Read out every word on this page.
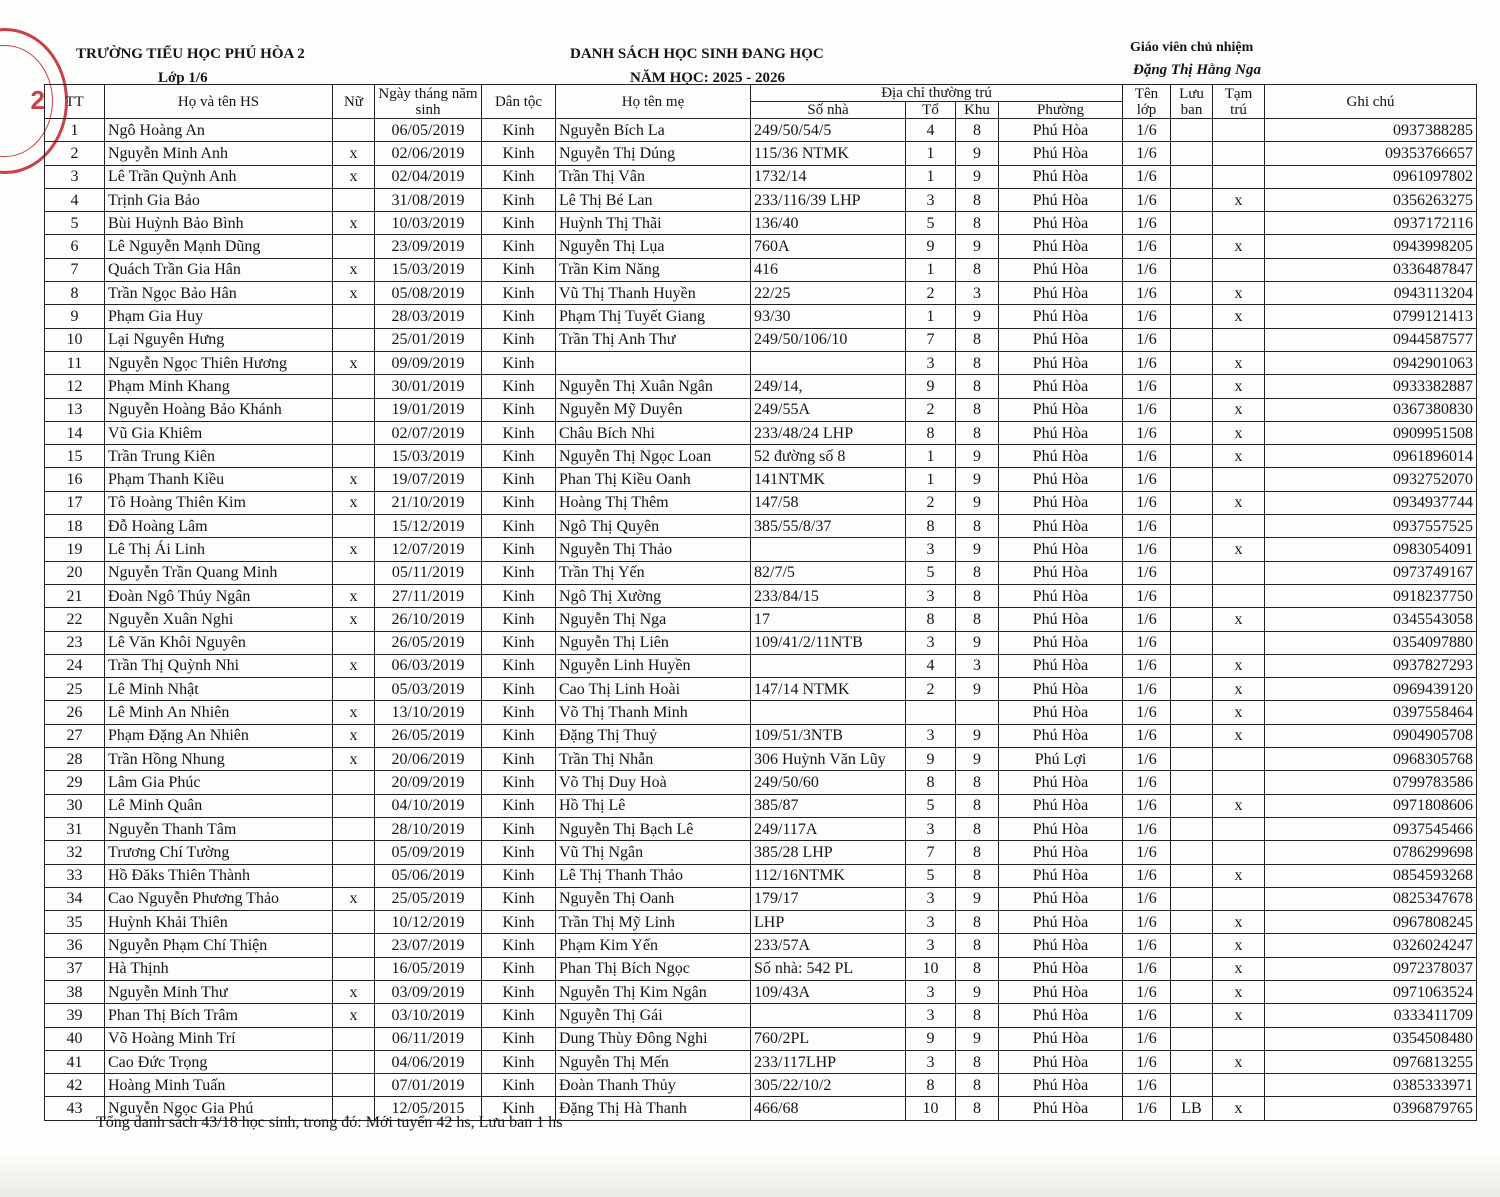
2
TRƯỜNG TIỂU HỌC PHÚ HÒA 2
Lớp 1/6
DANH SÁCH HỌC SINH ĐANG HỌC
NĂM HỌC: 2025 - 2026
Giáo viên chủ nhiệm
Đặng Thị Hằng Nga
TT	Họ và tên HS	Nữ	Ngày tháng năm sinh	Dân tộc	Họ tên mẹ	Địa chỉ thường trú				Tên lớp	Lưu ban	Tạm trú	Ghi chú
						Số nhà	Tổ	Khu	Phường				
1	Ngô Hoàng An		06/05/2019	Kinh	Nguyễn Bích La	249/50/54/5	4	8	Phú Hòa	1/6			0937388285
2	Nguyễn Minh Anh	x	02/06/2019	Kinh	Nguyễn Thị Dúng	115/36 NTMK	1	9	Phú Hòa	1/6			09353766657
3	Lê Trần Quỳnh Anh	x	02/04/2019	Kinh	Trần Thị Vân	1732/14	1	9	Phú Hòa	1/6			0961097802
4	Trịnh Gia Bảo		31/08/2019	Kinh	Lê Thị Bé Lan	233/116/39 LHP	3	8	Phú Hòa	1/6		x	0356263275
5	Bùi Huỳnh Bảo Bình	x	10/03/2019	Kinh	Huỳnh Thị Thãi	136/40	5	8	Phú Hòa	1/6			0937172116
6	Lê Nguyễn Mạnh Dũng		23/09/2019	Kinh	Nguyễn Thị Lụa	760A	9	9	Phú Hòa	1/6		x	0943998205
7	Quách Trần Gia Hân	x	15/03/2019	Kinh	Trần Kim Năng	416	1	8	Phú Hòa	1/6			0336487847
8	Trần Ngọc Bảo Hân	x	05/08/2019	Kinh	Vũ Thị Thanh Huyền	22/25	2	3	Phú Hòa	1/6		x	0943113204
9	Phạm Gia Huy		28/03/2019	Kinh	Phạm Thị Tuyết Giang	93/30	1	9	Phú Hòa	1/6		x	0799121413
10	Lại Nguyên Hưng		25/01/2019	Kinh	Trần Thị Anh Thư	249/50/106/10	7	8	Phú Hòa	1/6			0944587577
11	Nguyễn Ngọc Thiên Hương	x	09/09/2019	Kinh			3	8	Phú Hòa	1/6		x	0942901063
12	Phạm Minh Khang		30/01/2019	Kinh	Nguyễn Thị Xuân Ngân	249/14,	9	8	Phú Hòa	1/6		x	0933382887
13	Nguyễn Hoàng Bảo Khánh		19/01/2019	Kinh	Nguyễn Mỹ Duyên	249/55A	2	8	Phú Hòa	1/6		x	0367380830
14	Vũ Gia Khiêm		02/07/2019	Kinh	Châu Bích Nhi	233/48/24 LHP	8	8	Phú Hòa	1/6		x	0909951508
15	Trần Trung Kiên		15/03/2019	Kinh	Nguyễn Thị Ngọc Loan	52 đường số 8	1	9	Phú Hòa	1/6		x	0961896014
16	Phạm Thanh Kiều	x	19/07/2019	Kinh	Phan Thị Kiều Oanh	141NTMK	1	9	Phú Hòa	1/6			0932752070
17	Tô Hoàng Thiên Kim	x	21/10/2019	Kinh	Hoàng Thị Thêm	147/58	2	9	Phú Hòa	1/6		x	0934937744
18	Đỗ Hoàng Lâm		15/12/2019	Kinh	Ngô Thị Quyên	385/55/8/37	8	8	Phú Hòa	1/6			0937557525
19	Lê Thị Ái Linh	x	12/07/2019	Kinh	Nguyễn Thị Thảo		3	9	Phú Hòa	1/6		x	0983054091
20	Nguyễn Trần Quang Minh		05/11/2019	Kinh	Trần Thị Yến	82/7/5	5	8	Phú Hòa	1/6			0973749167
21	Đoàn Ngô Thúy Ngân	x	27/11/2019	Kinh	Ngô Thị Xường	233/84/15	3	8	Phú Hòa	1/6			0918237750
22	Nguyễn Xuân Nghi	x	26/10/2019	Kinh	Nguyễn Thị Nga	17	8	8	Phú Hòa	1/6		x	0345543058
23	Lê Văn Khôi Nguyên		26/05/2019	Kinh	Nguyễn Thị Liên	109/41/2/11NTB	3	9	Phú Hòa	1/6			0354097880
24	Trần Thị Quỳnh Nhi	x	06/03/2019	Kinh	Nguyễn Linh Huyền		4	3	Phú Hòa	1/6		x	0937827293
25	Lê Minh Nhật		05/03/2019	Kinh	Cao Thị Linh Hoài	147/14 NTMK	2	9	Phú Hòa	1/6		x	0969439120
26	Lê Minh An Nhiên	x	13/10/2019	Kinh	Võ Thị Thanh Minh				Phú Hòa	1/6		x	0397558464
27	Phạm Đặng An Nhiên	x	26/05/2019	Kinh	Đặng Thị Thuỷ	109/51/3NTB	3	9	Phú Hòa	1/6		x	0904905708
28	Trần Hồng Nhung	x	20/06/2019	Kinh	Trần Thị Nhẫn	306 Huỳnh Văn Lũy	9	9	Phú Lợi	1/6			0968305768
29	Lâm Gia Phúc		20/09/2019	Kinh	Võ Thị Duy Hoà	249/50/60	8	8	Phú Hòa	1/6			0799783586
30	Lê Minh Quân		04/10/2019	Kinh	Hồ Thị Lê	385/87	5	8	Phú Hòa	1/6		x	0971808606
31	Nguyễn Thanh Tâm		28/10/2019	Kinh	Nguyễn Thị Bạch Lê	249/117A	3	8	Phú Hòa	1/6			0937545466
32	Trương Chí Tường		05/09/2019	Kinh	Vũ Thị Ngân	385/28 LHP	7	8	Phú Hòa	1/6			0786299698
33	Hồ Đăks Thiên Thành		05/06/2019	Kinh	Lê Thị Thanh Thảo	112/16NTMK	5	8	Phú Hòa	1/6		x	0854593268
34	Cao Nguyễn Phương Thảo	x	25/05/2019	Kinh	Nguyễn Thị Oanh	179/17	3	9	Phú Hòa	1/6			0825347678
35	Huỳnh Khải Thiên		10/12/2019	Kinh	Trần Thị Mỹ Linh	LHP	3	8	Phú Hòa	1/6		x	0967808245
36	Nguyễn Phạm Chí Thiện		23/07/2019	Kinh	Phạm Kim Yến	233/57A	3	8	Phú Hòa	1/6		x	0326024247
37	Hà Thịnh		16/05/2019	Kinh	Phan Thị Bích Ngọc	Số nhà: 542 PL	10	8	Phú Hòa	1/6		x	0972378037
38	Nguyễn Minh Thư	x	03/09/2019	Kinh	Nguyễn Thị Kim Ngân	109/43A	3	9	Phú Hòa	1/6		x	0971063524
39	Phan Thị Bích Trâm	x	03/10/2019	Kinh	Nguyễn Thị Gái		3	8	Phú Hòa	1/6		x	0333411709
40	Võ Hoàng Minh Trí		06/11/2019	Kinh	Dung Thùy Đông Nghi	760/2PL	9	9	Phú Hòa	1/6			0354508480
41	Cao Đức Trọng		04/06/2019	Kinh	Nguyễn Thị Mến	233/117LHP	3	8	Phú Hòa	1/6		x	0976813255
42	Hoàng Minh Tuấn		07/01/2019	Kinh	Đoàn Thanh Thủy	305/22/10/2	8	8	Phú Hòa	1/6			0385333971
43	Nguyễn Ngọc Gia Phú		12/05/2015	Kinh	Đặng Thị Hà Thanh	466/68	10	8	Phú Hòa	1/6	LB	x	0396879765
Tổng danh sách 43/18 học sinh, trong đó: Mới tuyển 42 hs, Lưu ban 1 hs
